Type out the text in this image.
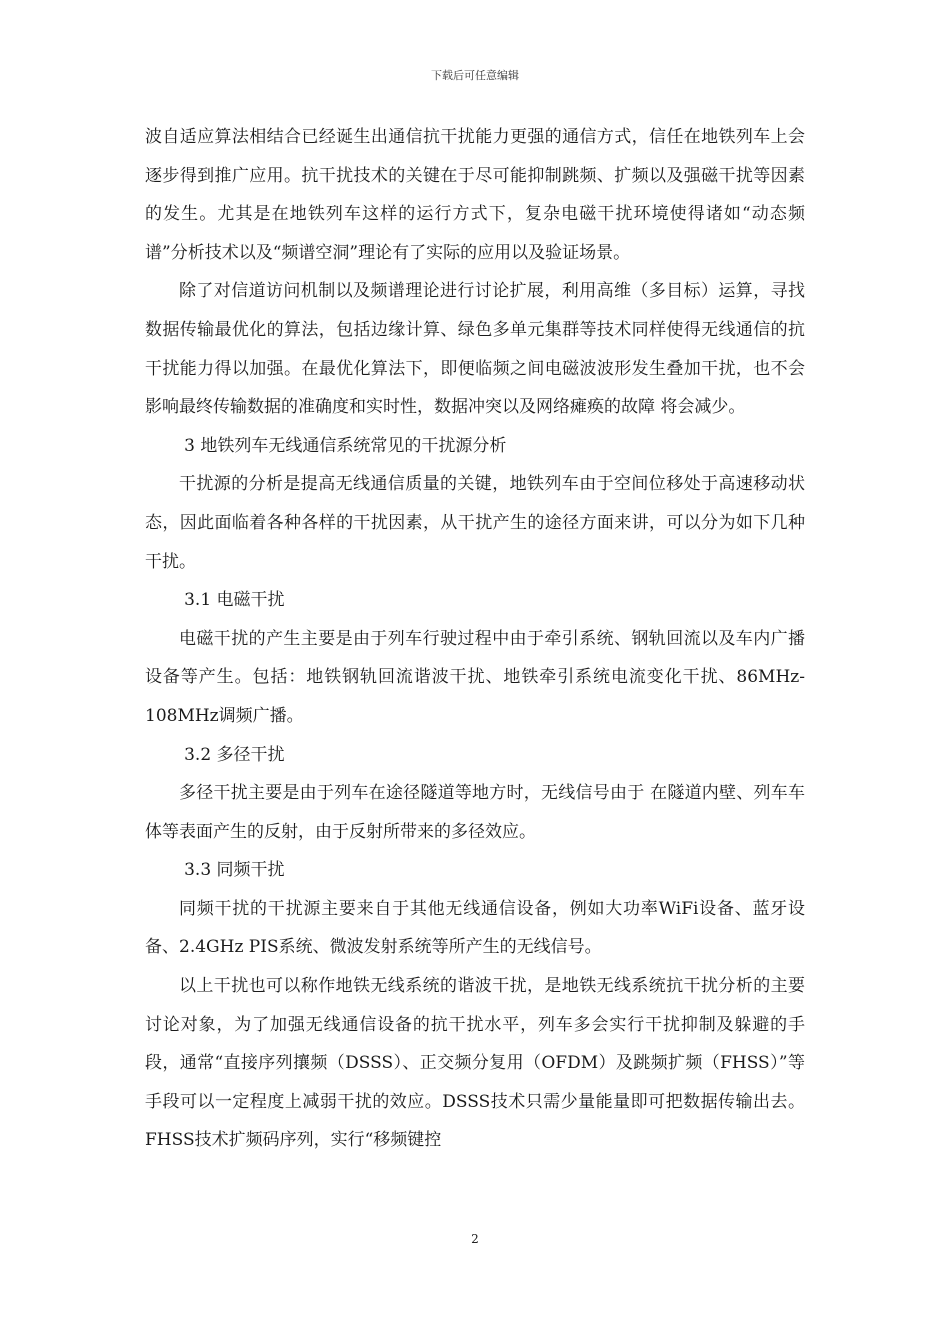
下载后可任意编辑

波自适应算法相结合已经诞生出通信抗干扰能力更强的通信方式，信任在地铁列车上会逐步得到推广应用。抗干扰技术的关键在于尽可能抑制跳频、扩频以及强磁干扰等因素的发生。尤其是在地铁列车这样的运行方式下，复杂电磁干扰环境使得诸如“动态频谱”分析技术以及“频谱空洞”理论有了实际的应用以及验证场景。

除了对信道访问机制以及频谱理论进行讨论扩展，利用高维（多目标）运算，寻找数据传输最优化的算法，包括边缘计算、绿色多单元集群等技术同样使得无线通信的抗干扰能力得以加强。在最优化算法下，即便临频之间电磁波波形发生叠加干扰，也不会影响最终传输数据的准确度和实时性，数据冲突以及网络瘫痪的故障 将会减少。

3 地铁列车无线通信系统常见的干扰源分析

干扰源的分析是提高无线通信质量的关键，地铁列车由于空间位移处于高速移动状态，因此面临着各种各样的干扰因素，从干扰产生的途径方面来讲，可以分为如下几种干扰。

3.1 电磁干扰

电磁干扰的产生主要是由于列车行驶过程中由于牵引系统、钢轨回流以及车内广播设备等产生。包括：地铁钢轨回流谐波干扰、地铁牵引系统电流变化干扰、86MHz-108MHz调频广播。

3.2 多径干扰

多径干扰主要是由于列车在途径隧道等地方时，无线信号由于 在隧道内壁、列车车体等表面产生的反射，由于反射所带来的多径效应。

3.3 同频干扰

同频干扰的干扰源主要来自于其他无线通信设备，例如大功率WiFi设备、蓝牙设备、2.4GHz PIS系统、微波发射系统等所产生的无线信号。

以上干扰也可以称作地铁无线系统的谐波干扰，是地铁无线系统抗干扰分析的主要讨论对象，为了加强无线通信设备的抗干扰水平，列车多会实行干扰抑制及躲避的手段，通常“直接序列攘频（DSSS）、正交频分复用（OFDM）及跳频扩频（FHSS）”等手段可以一定程度上减弱干扰的效应。DSSS技术只需少量能量即可把数据传输出去。FHSS技术扩频码序列，实行“移频键控

2
